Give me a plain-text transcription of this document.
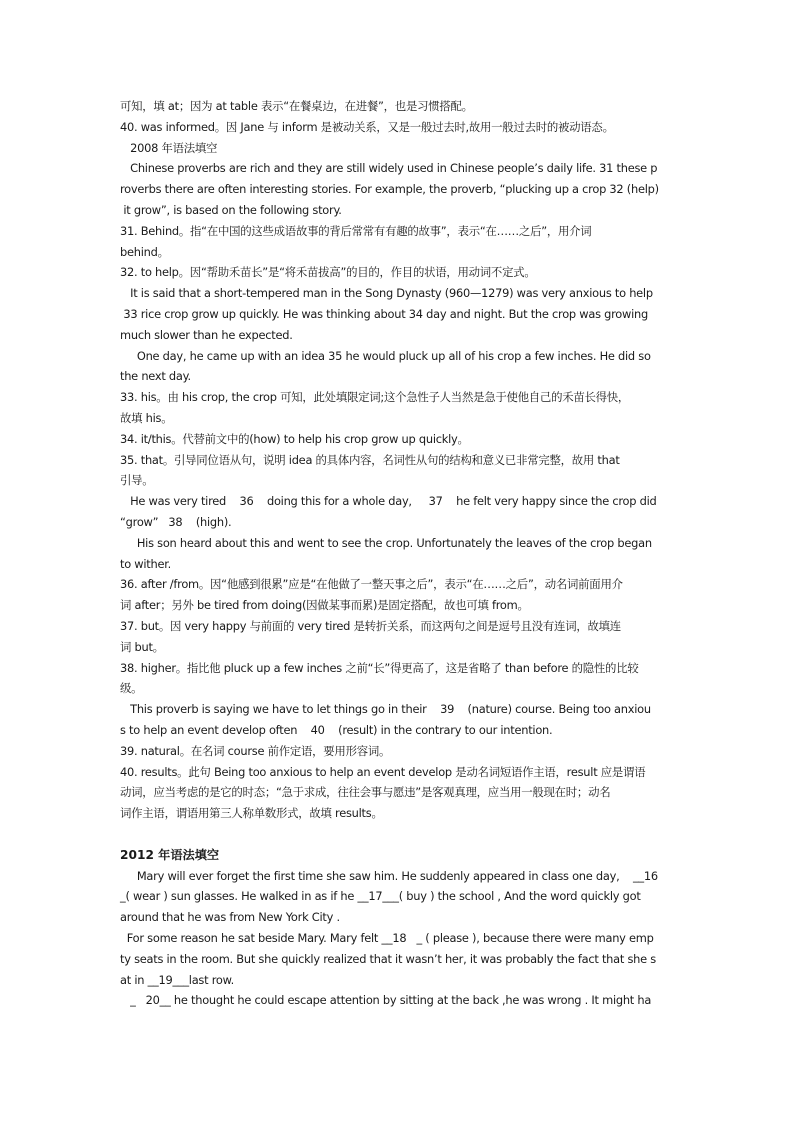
可知，填 at；因为 at table 表示“在餐桌边，在进餐”，也是习惯搭配。
40. was informed。因 Jane 与 inform 是被动关系，又是一般过去时,故用一般过去时的被动语态。
2008 年语法填空
Chinese proverbs are rich and they are still widely used in Chinese people’s daily life. 31 these p
roverbs there are often interesting stories. For example, the proverb, “plucking up a crop 32 (help)
it grow”, is based on the following story.
31. Behind。指“在中国的这些成语故事的背后常常有有趣的故事”，表示“在……之后”，用介词
behind。
32. to help。因“帮助禾苗长”是“将禾苗拔高”的目的，作目的状语，用动词不定式。
It is said that a short-tempered man in the Song Dynasty (960—1279) was very anxious to help
33 rice crop grow up quickly. He was thinking about 34 day and night. But the crop was growing
much slower than he expected.
One day, he came up with an idea 35 he would pluck up all of his crop a few inches. He did so
the next day.
33. his。由 his crop, the crop 可知，此处填限定词;这个急性子人当然是急于使他自己的禾苗长得快，
故填 his。
34. it/this。代替前文中的(how) to help his crop grow up quickly。
35. that。引导同位语从句，说明 idea 的具体内容，名词性从句的结构和意义已非常完整，故用 that
引导。
He was very tired    36    doing this for a whole day,     37    he felt very happy since the crop did
“grow”   38    (high).
His son heard about this and went to see the crop. Unfortunately the leaves of the crop began
to wither.
36. after /from。因“他感到很累”应是“在他做了一整天事之后”，表示“在……之后”，动名词前面用介
词 after；另外 be tired from doing(因做某事而累)是固定搭配，故也可填 from。
37. but。因 very happy 与前面的 very tired 是转折关系，而这两句之间是逗号且没有连词，故填连
词 but。
38. higher。指比他 pluck up a few inches 之前“长”得更高了，这是省略了 than before 的隐性的比较
级。
This proverb is saying we have to let things go in their    39    (nature) course. Being too anxiou
s to help an event develop often    40    (result) in the contrary to our intention.
39. natural。在名词 course 前作定语，要用形容词。
40. results。此句 Being too anxious to help an event develop 是动名词短语作主语，result 应是谓语
动词，应当考虑的是它的时态；“急于求成，往往会事与愿违”是客观真理，应当用一般现在时；动名
词作主语，谓语用第三人称单数形式，故填 results。
2012 年语法填空
Mary will ever forget the first time she saw him. He suddenly appeared in class one day,    __16
_( wear ) sun glasses. He walked in as if he __17___( buy ) the school , And the word quickly got
around that he was from New York City .
For some reason he sat beside Mary. Mary felt __18   _ ( please ), because there were many emp
ty seats in the room. But she quickly realized that it wasn’t her, it was probably the fact that she s
at in __19___last row.
_   20__ he thought he could escape attention by sitting at the back ,he was wrong . It might ha
